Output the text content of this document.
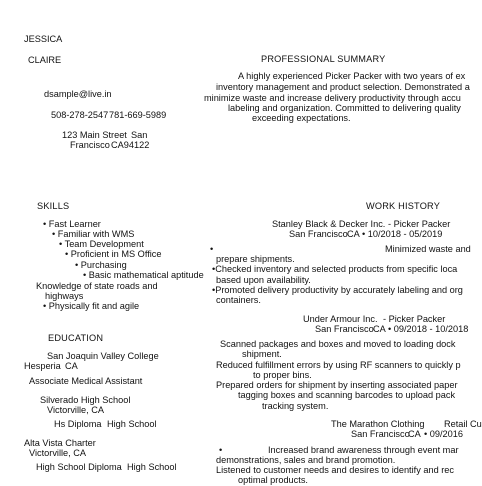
JESSICA
CLAIRE
dsample@live.in
508-278-2547 781-669-5989
123 Main Street San
Francisco CA94122
PROFESSIONAL SUMMARY
A highly experienced Picker Packer with two years of ex
inventory management and product selection. Demonstrated a
minimize waste and increase delivery productivity through accu
labeling and organization. Committed to delivering quality
exceeding expectations.
SKILLS
• Fast Learner
• Familiar with WMS
• Team Development
• Proficient in MS Office
• Purchasing
• Basic mathematical aptitude
Knowledge of state roads and
highways
• Physically fit and agile
EDUCATION
San Joaquin Valley College
Hesperia CA
Associate Medical Assistant
Silverado High School
Victorville, CA
Hs Diploma High School
Alta Vista Charter
Victorville, CA
High School Diploma High School
WORK HISTORY
Stanley Black & Decker Inc. - Picker Packer
San Francisco CA • 10/2018 - 05/2019
•	Minimized waste and
prepare shipments.
•Checked inventory and selected products from specific loca
based upon availability.
•Promoted delivery productivity by accurately labeling and org
containers.
Under Armour Inc. - Picker Packer
San Francisco CA • 09/2018 - 10/2018
Scanned packages and boxes and moved to loading dock
shipment.
Reduced fulfillment errors by using RF scanners to quickly p
to proper bins.
Prepared orders for shipment by inserting associated paper
tagging boxes and scanning barcodes to upload pack
tracking system.
The Marathon Clothing Retail Cu
San Francisco
CA • 09/2016
•	Increased brand awareness through event mar
demonstrations, sales and brand promotion.
Listened to customer needs and desires to identify and rec
optimal products.
